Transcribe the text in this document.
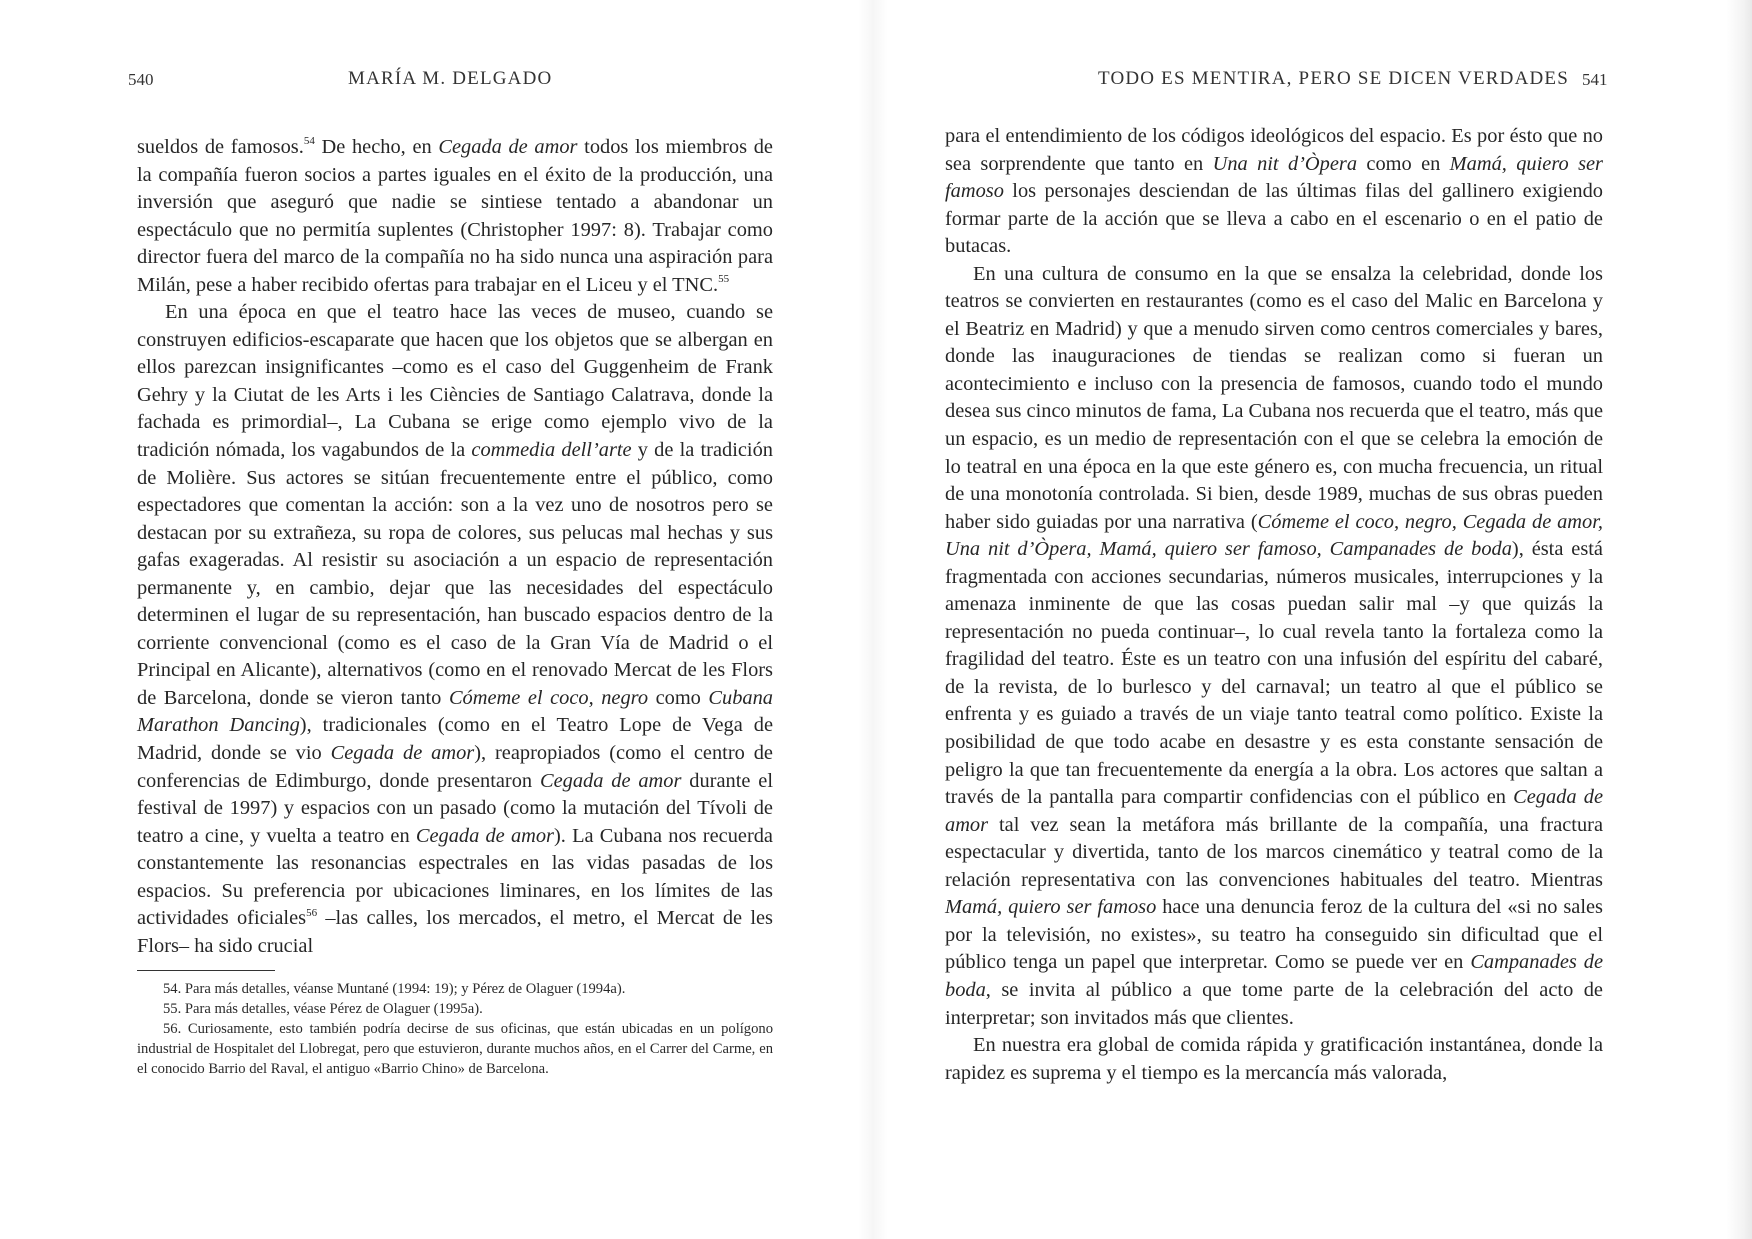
540	MARÍA M. DELGADO

sueldos de famosos.$^{54}$ De hecho, en Cegada de amor todos los miembros de la compañía fueron socios a partes iguales en el éxito de la producción, una inversión que aseguró que nadie se sintiese tentado a abandonar un espectáculo que no permitía suplentes (Christopher 1997: 8). Trabajar como director fuera del marco de la compañía no ha sido nunca una aspiración para Milán, pese a haber recibido ofertas para trabajar en el Liceu y el TNC.$^{55}$

En una época en que el teatro hace las veces de museo, cuando se construyen edificios-escaparate que hacen que los objetos que se albergan en ellos parezcan insignificantes –como es el caso del Guggenheim de Frank Gehry y la Ciutat de les Arts i les Ciències de Santiago Calatrava, donde la fachada es primordial–, La Cubana se erige como ejemplo vivo de la tradición nómada, los vagabundos de la commedia dell’arte y de la tradición de Molière. Sus actores se sitúan frecuentemente entre el público, como espectadores que comentan la acción: son a la vez uno de nosotros pero se destacan por su extrañeza, su ropa de colores, sus pelucas mal hechas y sus gafas exageradas. Al resistir su asociación a un espacio de representación permanente y, en cambio, dejar que las necesidades del espectáculo determinen el lugar de su representación, han buscado espacios dentro de la corriente convencional (como es el caso de la Gran Vía de Madrid o el Principal en Alicante), alternativos (como en el renovado Mercat de les Flors de Barcelona, donde se vieron tanto Cómeme el coco, negro como Cubana Marathon Dancing), tradicionales (como en el Teatro Lope de Vega de Madrid, donde se vio Cegada de amor), reapropiados (como el centro de conferencias de Edimburgo, donde presentaron Cegada de amor durante el festival de 1997) y espacios con un pasado (como la mutación del Tívoli de teatro a cine, y vuelta a teatro en Cegada de amor). La Cubana nos recuerda constantemente las resonancias espectrales en las vidas pasadas de los espacios. Su preferencia por ubicaciones liminares, en los límites de las actividades oficiales$^{56}$ –las calles, los mercados, el metro, el Mercat de les Flors– ha sido crucial

54. Para más detalles, véanse Muntané (1994: 19); y Pérez de Olaguer (1994a).

55. Para más detalles, véase Pérez de Olaguer (1995a).

56. Curiosamente, esto también podría decirse de sus oficinas, que están ubicadas en un polígono industrial de Hospitalet del Llobregat, pero que estuvieron, durante muchos años, en el Carrer del Carme, en el conocido Barrio del Raval, el antiguo «Barrio Chino» de Barcelona.

TODO ES MENTIRA, PERO SE DICEN VERDADES 541

para el entendimiento de los códigos ideológicos del espacio. Es por ésto que no sea sorprendente que tanto en Una nit d’Òpera como en Mamá, quiero ser famoso los personajes desciendan de las últimas filas del gallinero exigiendo formar parte de la acción que se lleva a cabo en el escenario o en el patio de butacas.

En una cultura de consumo en la que se ensalza la celebridad, donde los teatros se convierten en restaurantes (como es el caso del Malic en Barcelona y el Beatriz en Madrid) y que a menudo sirven como centros comerciales y bares, donde las inauguraciones de tiendas se realizan como si fueran un acontecimiento e incluso con la presencia de famosos, cuando todo el mundo desea sus cinco minutos de fama, La Cubana nos recuerda que el teatro, más que un espacio, es un medio de representación con el que se celebra la emoción de lo teatral en una época en la que este género es, con mucha frecuencia, un ritual de una monotonía controlada. Si bien, desde 1989, muchas de sus obras pueden haber sido guiadas por una narrativa (Cómeme el coco, negro, Cegada de amor, Una nit d’Òpera, Mamá, quiero ser famoso, Campanades de boda), ésta está fragmentada con acciones secundarias, números musicales, interrupciones y la amenaza inminente de que las cosas puedan salir mal –y que quizás la representación no pueda continuar–, lo cual revela tanto la fortaleza como la fragilidad del teatro. Éste es un teatro con una infusión del espíritu del cabaré, de la revista, de lo burlesco y del carnaval; un teatro al que el público se enfrenta y es guiado a través de un viaje tanto teatral como político. Existe la posibilidad de que todo acabe en desastre y es esta constante sensación de peligro la que tan frecuentemente da energía a la obra. Los actores que saltan a través de la pantalla para compartir confidencias con el público en Cegada de amor tal vez sean la metáfora más brillante de la compañía, una fractura espectacular y divertida, tanto de los marcos cinemático y teatral como de la relación representativa con las convenciones habituales del teatro. Mientras Mamá, quiero ser famoso hace una denuncia feroz de la cultura del «si no sales por la televisión, no existes», su teatro ha conseguido sin dificultad que el público tenga un papel que interpretar. Como se puede ver en Campanades de boda, se invita al público a que tome parte de la celebración del acto de interpretar; son invitados más que clientes.

En nuestra era global de comida rápida y gratificación instantánea, donde la rapidez es suprema y el tiempo es la mercancía más valorada,
